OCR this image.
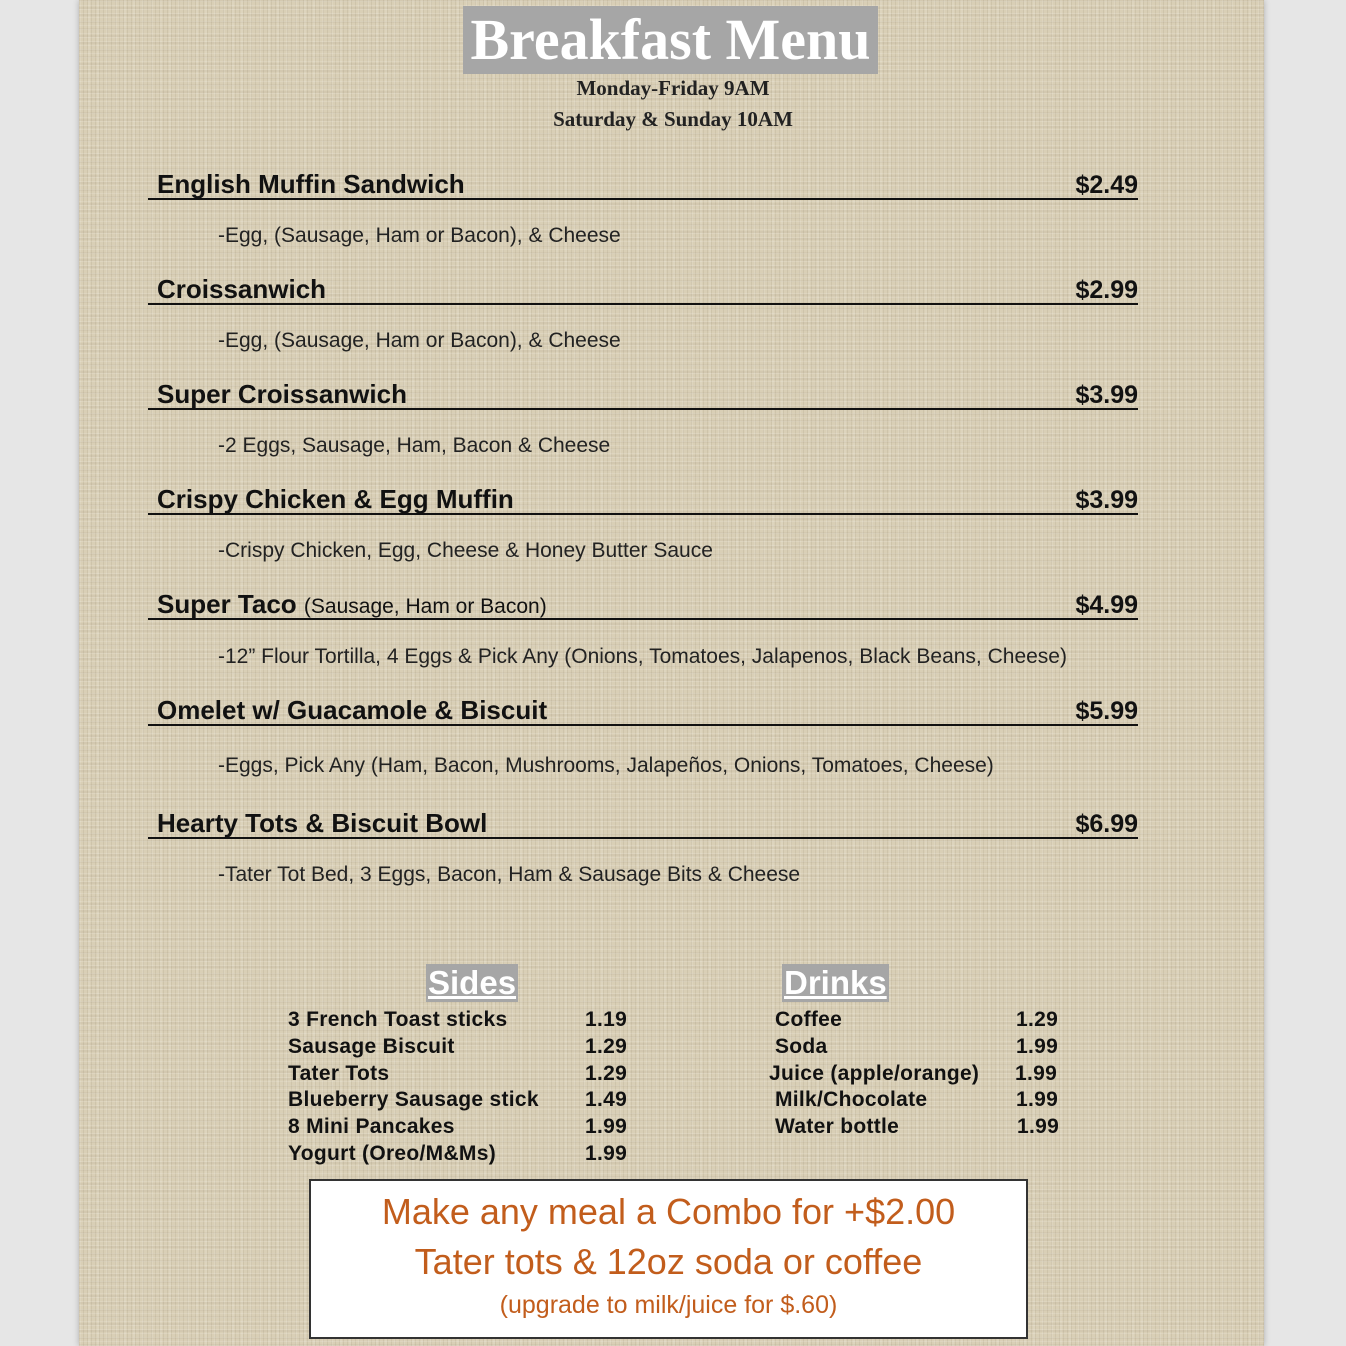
Breakfast Menu
Monday-Friday 9AM
Saturday & Sunday 10AM
English Muffin Sandwich	$2.49
-Egg, (Sausage, Ham or Bacon), & Cheese
Croissanwich	$2.99
-Egg, (Sausage, Ham or Bacon), & Cheese
Super Croissanwich	$3.99
-2 Eggs, Sausage, Ham, Bacon & Cheese
Crispy Chicken & Egg Muffin	$3.99
-Crispy Chicken, Egg, Cheese & Honey Butter Sauce
Super Taco (Sausage, Ham or Bacon)	$4.99
-12” Flour Tortilla, 4 Eggs & Pick Any (Onions, Tomatoes, Jalapenos, Black Beans, Cheese)
Omelet w/ Guacamole & Biscuit	$5.99
-Eggs, Pick Any (Ham, Bacon, Mushrooms, Jalapeños, Onions, Tomatoes, Cheese)
Hearty Tots & Biscuit Bowl	$6.99
-Tater Tot Bed, 3 Eggs, Bacon, Ham & Sausage Bits & Cheese
Sides
3 French Toast sticks	1.19
Sausage Biscuit	1.29
Tater Tots	1.29
Blueberry Sausage stick 1.49
8 Mini Pancakes	1.99
Yogurt (Oreo/M&Ms)	1.99
Drinks
Coffee	1.29
Soda	1.99
Juice (apple/orange) 1.99
Milk/Chocolate	1.99
Water bottle	1.99
Make any meal a Combo for +$2.00
Tater tots & 12oz soda or coffee
(upgrade to milk/juice for $.60)
